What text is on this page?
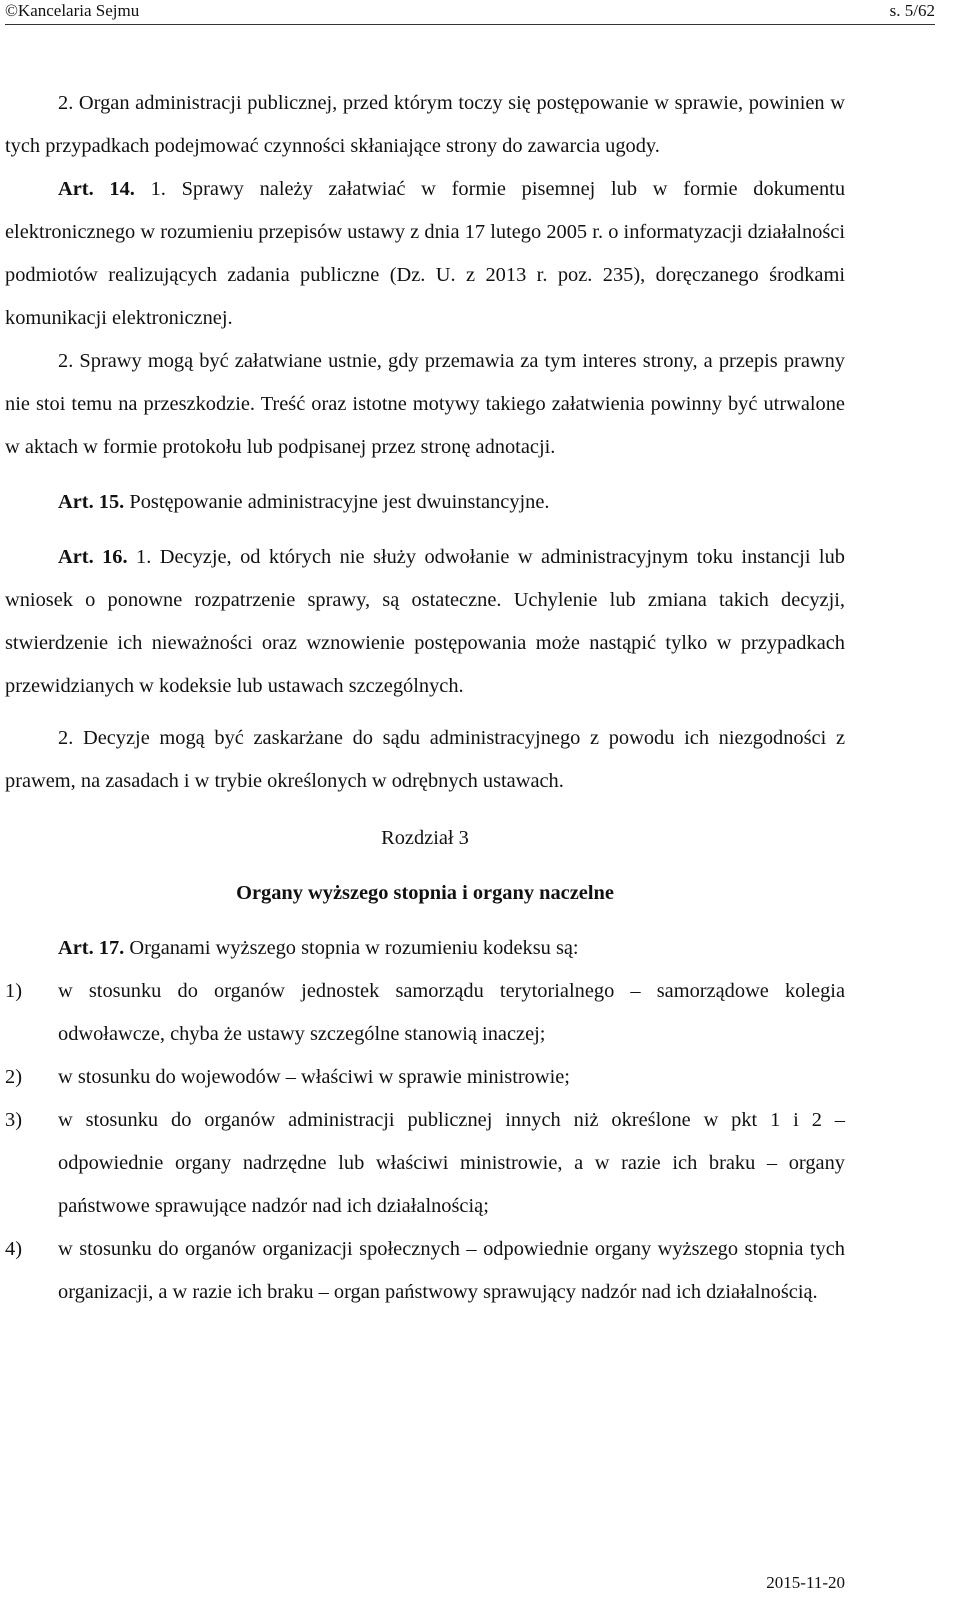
©Kancelaria Sejmu	s. 5/62

2. Organ administracji publicznej, przed którym toczy się postępowanie w sprawie, powinien w tych przypadkach podejmować czynności skłaniające strony do zawarcia ugody.

Art. 14. 1. Sprawy należy załatwiać w formie pisemnej lub w formie dokumentu elektronicznego w rozumieniu przepisów ustawy z dnia 17 lutego 2005 r. o informatyzacji działalności podmiotów realizujących zadania publiczne (Dz. U. z 2013 r. poz. 235), doręczanego środkami komunikacji elektronicznej.

2. Sprawy mogą być załatwiane ustnie, gdy przemawia za tym interes strony, a przepis prawny nie stoi temu na przeszkodzie. Treść oraz istotne motywy takiego załatwienia powinny być utrwalone w aktach w formie protokołu lub podpisanej przez stronę adnotacji.

Art. 15. Postępowanie administracyjne jest dwuinstancyjne.

Art. 16. 1. Decyzje, od których nie służy odwołanie w administracyjnym toku instancji lub wniosek o ponowne rozpatrzenie sprawy, są ostateczne. Uchylenie lub zmiana takich decyzji, stwierdzenie ich nieważności oraz wznowienie postępowania może nastąpić tylko w przypadkach przewidzianych w kodeksie lub ustawach szczególnych.

2. Decyzje mogą być zaskarżane do sądu administracyjnego z powodu ich niezgodności z prawem, na zasadach i w trybie określonych w odrębnych ustawach.

Rozdział 3

Organy wyższego stopnia i organy naczelne

Art. 17. Organami wyższego stopnia w rozumieniu kodeksu są:

1)	w stosunku do organów jednostek samorządu terytorialnego – samorządowe kolegia odwoławcze, chyba że ustawy szczególne stanowią inaczej;
2)	w stosunku do wojewodów – właściwi w sprawie ministrowie;
3)	w stosunku do organów administracji publicznej innych niż określone w pkt 1 i 2 – odpowiednie organy nadrzędne lub właściwi ministrowie, a w razie ich braku – organy państwowe sprawujące nadzór nad ich działalnością;
4)	w stosunku do organów organizacji społecznych – odpowiednie organy wyższego stopnia tych organizacji, a w razie ich braku – organ państwowy sprawujący nadzór nad ich działalnością.
2015-11-20
